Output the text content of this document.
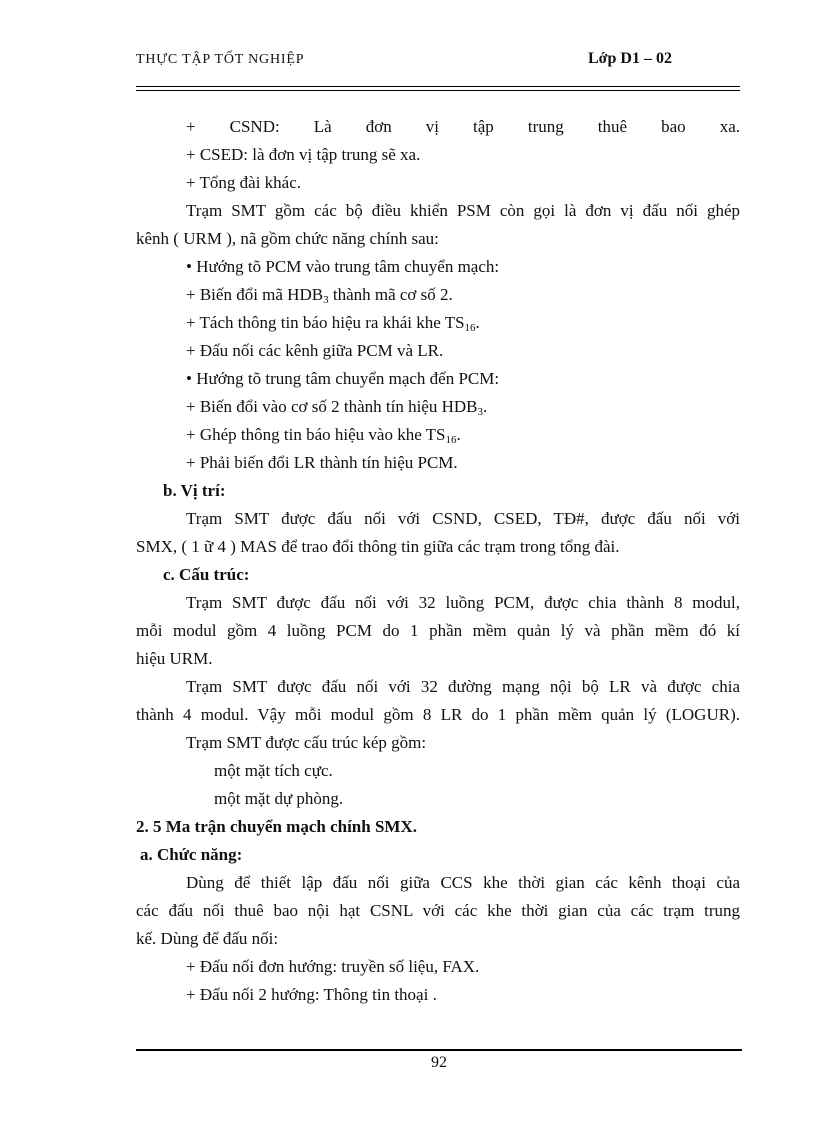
THỰC TẬP TỐT NGHIỆP	Lớp D1 – 02
+ CSND: Là đơn vị tập trung thuê bao xa.
+ CSED: là đơn vị tập trung sẽ xa.
+ Tổng đài khác.
Trạm SMT gồm các bộ điều khiển PSM còn gọi là đơn vị đấu nối ghép
kênh ( URM ), nã gồm chức năng chính sau:
• Hướng tõ PCM vào trung tâm chuyển mạch:
+ Biến đổi mã $HDB_3$ thành mã cơ số 2.
+ Tách thông tin báo hiệu ra khái khe $TS_{16}$.
+ Đấu nối các kênh giữa PCM và LR.
• Hướng tõ trung tâm chuyển mạch đến PCM:
+ Biến đổi vào cơ số 2 thành tín hiệu $HDB_3$.
+ Ghép thông tin báo hiệu vào khe $TS_{16}$.
+ Phải biến đổi LR thành tín hiệu PCM.
b. Vị trí:
Trạm SMT được đấu nối với CSND, CSED, TĐ#, được đấu nối với
SMX, ( 1 ữ 4 ) MAS để trao đổi thông tin giữa các trạm trong tổng đài.
c. Cấu trúc:
Trạm SMT được đấu nối với 32 luồng PCM, được chia thành 8 modul,
mỗi modul gồm 4 luồng PCM do 1 phần mềm quản lý và phần mềm đó kí
hiệu URM.
Trạm SMT được đấu nối với 32 đường mạng nội bộ LR và được chia
thành 4 modul. Vậy mỗi modul gồm 8 LR do 1 phần mềm quản lý (LOGUR).
Trạm SMT được cấu trúc kép gồm:
một mặt tích cực.
một mặt dự phòng.
2. 5 Ma trận chuyển mạch chính SMX.
a. Chức năng:
Dùng để thiết lập đấu nối giữa CCS khe thời gian các kênh thoại của
các đấu nối thuê bao nội hạt CSNL với các khe thời gian của các trạm trung
kế. Dùng để đấu nối:
+ Đấu nối đơn hướng: truyền số liệu, FAX.
+ Đấu nối 2 hướng: Thông tin thoại .
92
